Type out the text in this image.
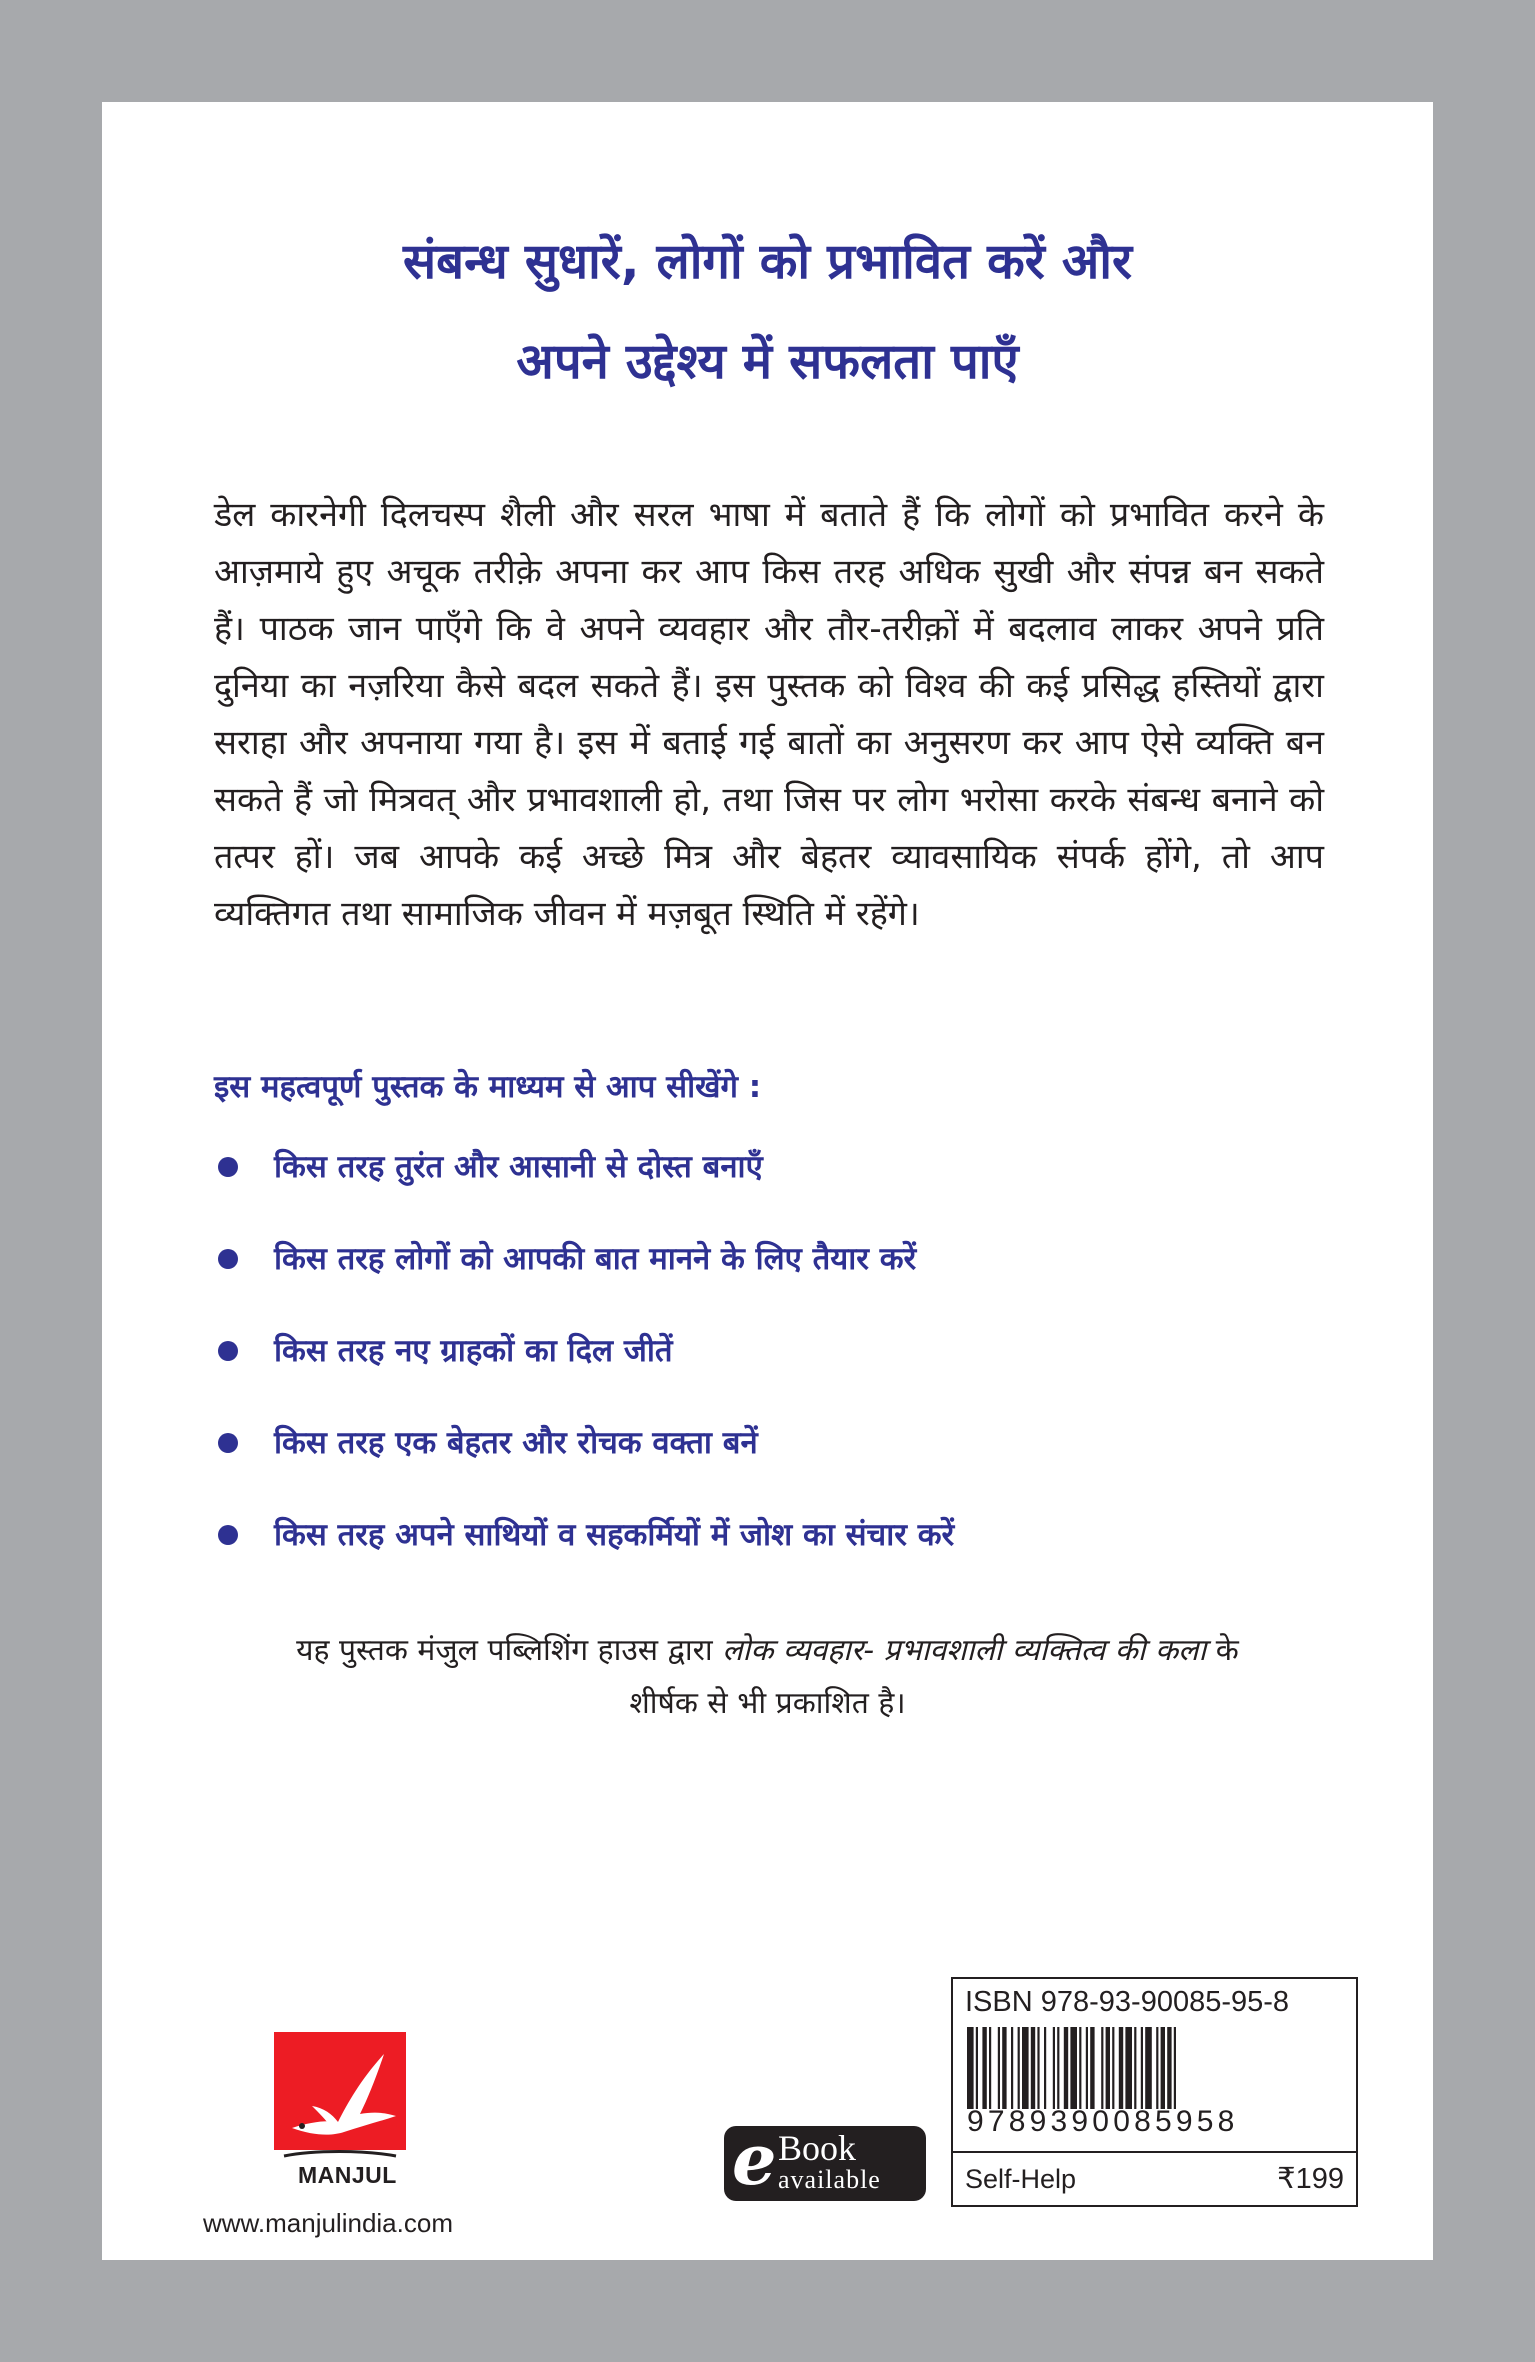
संबन्ध सुधारें, लोगों को प्रभावित करें और
अपने उद्देश्य में सफलता पाएँ
डेल कारनेगी दिलचस्प शैली और सरल भाषा में बताते हैं कि लोगों को प्रभावित करने के आज़माये हुए अचूक तरीक़े अपना कर आप किस तरह अधिक सुखी और संपन्न बन सकते हैं। पाठक जान पाएँगे कि वे अपने व्यवहार और तौर-तरीक़ों में बदलाव लाकर अपने प्रति दुनिया का नज़रिया कैसे बदल सकते हैं। इस पुस्तक को विश्व की कई प्रसिद्ध हस्तियों द्वारा सराहा और अपनाया गया है। इस में बताई गई बातों का अनुसरण कर आप ऐसे व्यक्ति बन सकते हैं जो मित्रवत् और प्रभावशाली हो, तथा जिस पर लोग भरोसा करके संबन्ध बनाने को तत्पर हों। जब आपके कई अच्छे मित्र और बेहतर व्यावसायिक संपर्क होंगे, तो आप व्यक्तिगत तथा सामाजिक जीवन में मज़बूत स्थिति में रहेंगे।
इस महत्वपूर्ण पुस्तक के माध्यम से आप सीखेंगे :
किस तरह तुरंत और आसानी से दोस्त बनाएँ
किस तरह लोगों को आपकी बात मानने के लिए तैयार करें
किस तरह नए ग्राहकों का दिल जीतें
किस तरह एक बेहतर और रोचक वक्ता बनें
किस तरह अपने साथियों व सहकर्मियों में जोश का संचार करें
यह पुस्तक मंजुल पब्लिशिंग हाउस द्वारा लोक व्यवहार- प्रभावशाली व्यक्तित्व की कला के शीर्षक से भी प्रकाशित है।
MANJUL
www.manjulindia.com
e Book
available
ISBN 978-93-90085-95-8
9789390085958
Self-Help	₹199
